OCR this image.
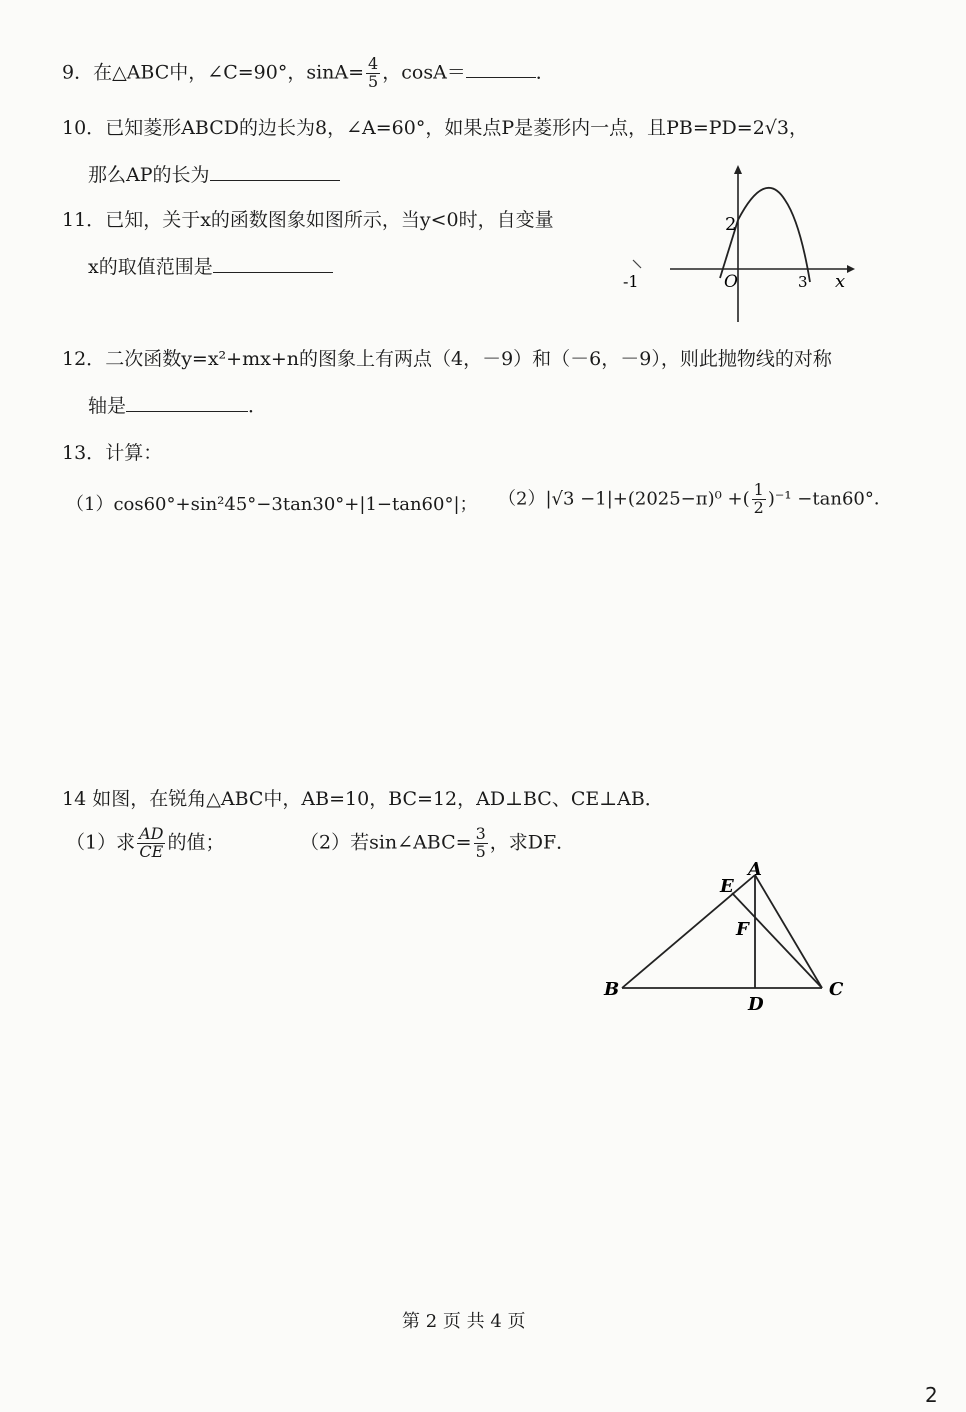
9．在△ABC中，∠C=90°，$\sin A= \frac{4}{5}$ ，cosA＝	．
10．已知菱形ABCD的边长为8，∠A=60°，如果点P是菱形内一点，且PB=PD=2√3，
那么AP的长为
11．已知，关于x的函数图象如图所示，当y<0时，自变量
x的取值范围是
2
O	3 x
-1
12．二次函数y=x²+mx+n的图象上有两点（4，－9）和（－6，－9），则此抛物线的对称
轴是	．
13．计算：
（1）cos60°+sin²45°−3tan30°+|1−tan60°|； （2）|√3 −1|+(2025−π)⁰ +( $\frac{1}{2} )^{-1} -\tan 60^\circ$．
14 如图，在锐角△ABC中，AB=10，BC=12，AD⊥BC、CE⊥AB．
（1）求 $\frac{AD}{CE}$ 的值；	（2）若sin∠ABC= $\frac{3}{5}$ ，求DF．
A
B	C
D
E
F
第 2 页 共 4 页
2
